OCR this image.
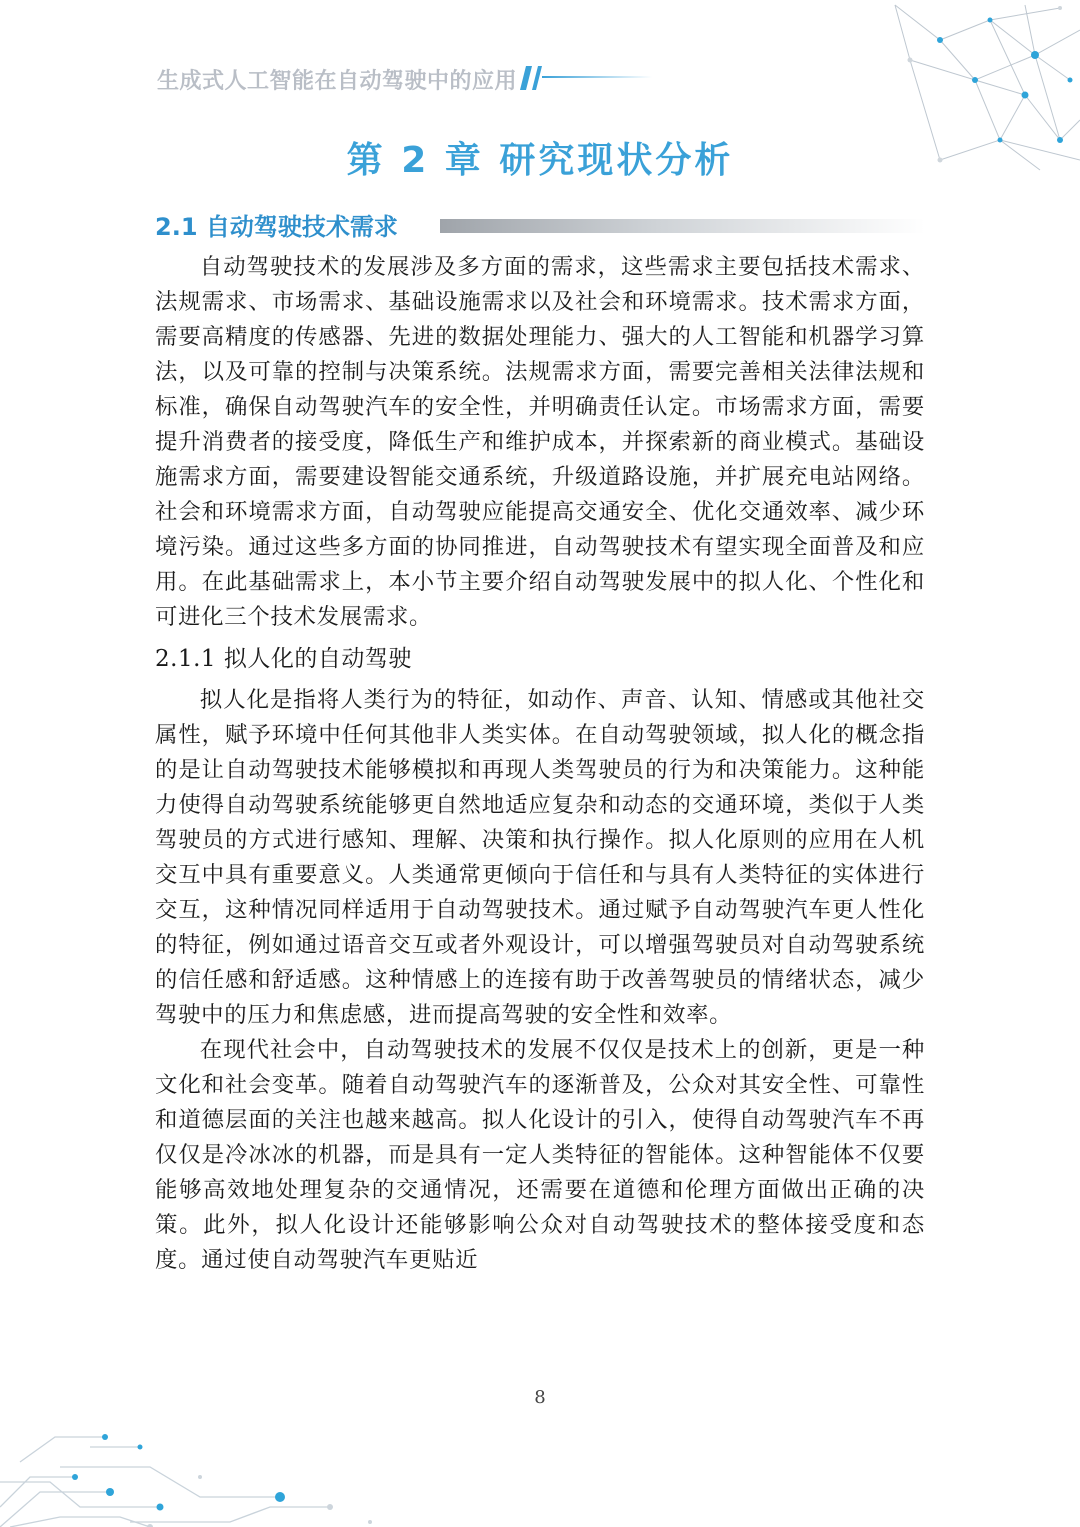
生成式人工智能在自动驾驶中的应用
第 2 章 研究现状分析
2.1 自动驾驶技术需求

自动驾驶技术的发展涉及多方面的需求，这些需求主要包括技术需求、法规需求、市场需求、基础设施需求以及社会和环境需求。技术需求方面，需要高精度的传感器、先进的数据处理能力、强大的人工智能和机器学习算法，以及可靠的控制与决策系统。法规需求方面，需要完善相关法律法规和标准，确保自动驾驶汽车的安全性，并明确责任认定。市场需求方面，需要提升消费者的接受度，降低生产和维护成本，并探索新的商业模式。基础设施需求方面，需要建设智能交通系统，升级道路设施，并扩展充电站网络。社会和环境需求方面，自动驾驶应能提高交通安全、优化交通效率、减少环境污染。通过这些多方面的协同推进，自动驾驶技术有望实现全面普及和应用。在此基础需求上，本小节主要介绍自动驾驶发展中的拟人化、个性化和可进化三个技术发展需求。

2.1.1 拟人化的自动驾驶

拟人化是指将人类行为的特征，如动作、声音、认知、情感或其他社交属性，赋予环境中任何其他非人类实体。在自动驾驶领域，拟人化的概念指的是让自动驾驶技术能够模拟和再现人类驾驶员的行为和决策能力。这种能力使得自动驾驶系统能够更自然地适应复杂和动态的交通环境，类似于人类驾驶员的方式进行感知、理解、决策和执行操作。拟人化原则的应用在人机交互中具有重要意义。人类通常更倾向于信任和与具有人类特征的实体进行交互，这种情况同样适用于自动驾驶技术。通过赋予自动驾驶汽车更人性化的特征，例如通过语音交互或者外观设计，可以增强驾驶员对自动驾驶系统的信任感和舒适感。这种情感上的连接有助于改善驾驶员的情绪状态，减少驾驶中的压力和焦虑感，进而提高驾驶的安全性和效率。

在现代社会中，自动驾驶技术的发展不仅仅是技术上的创新，更是一种文化和社会变革。随着自动驾驶汽车的逐渐普及，公众对其安全性、可靠性和道德层面的关注也越来越高。拟人化设计的引入，使得自动驾驶汽车不再仅仅是冷冰冰的机器，而是具有一定人类特征的智能体。这种智能体不仅要能够高效地处理复杂的交通情况，还需要在道德和伦理方面做出正确的决策。此外，拟人化设计还能够影响公众对自动驾驶技术的整体接受度和态度。通过使自动驾驶汽车更贴近

8
